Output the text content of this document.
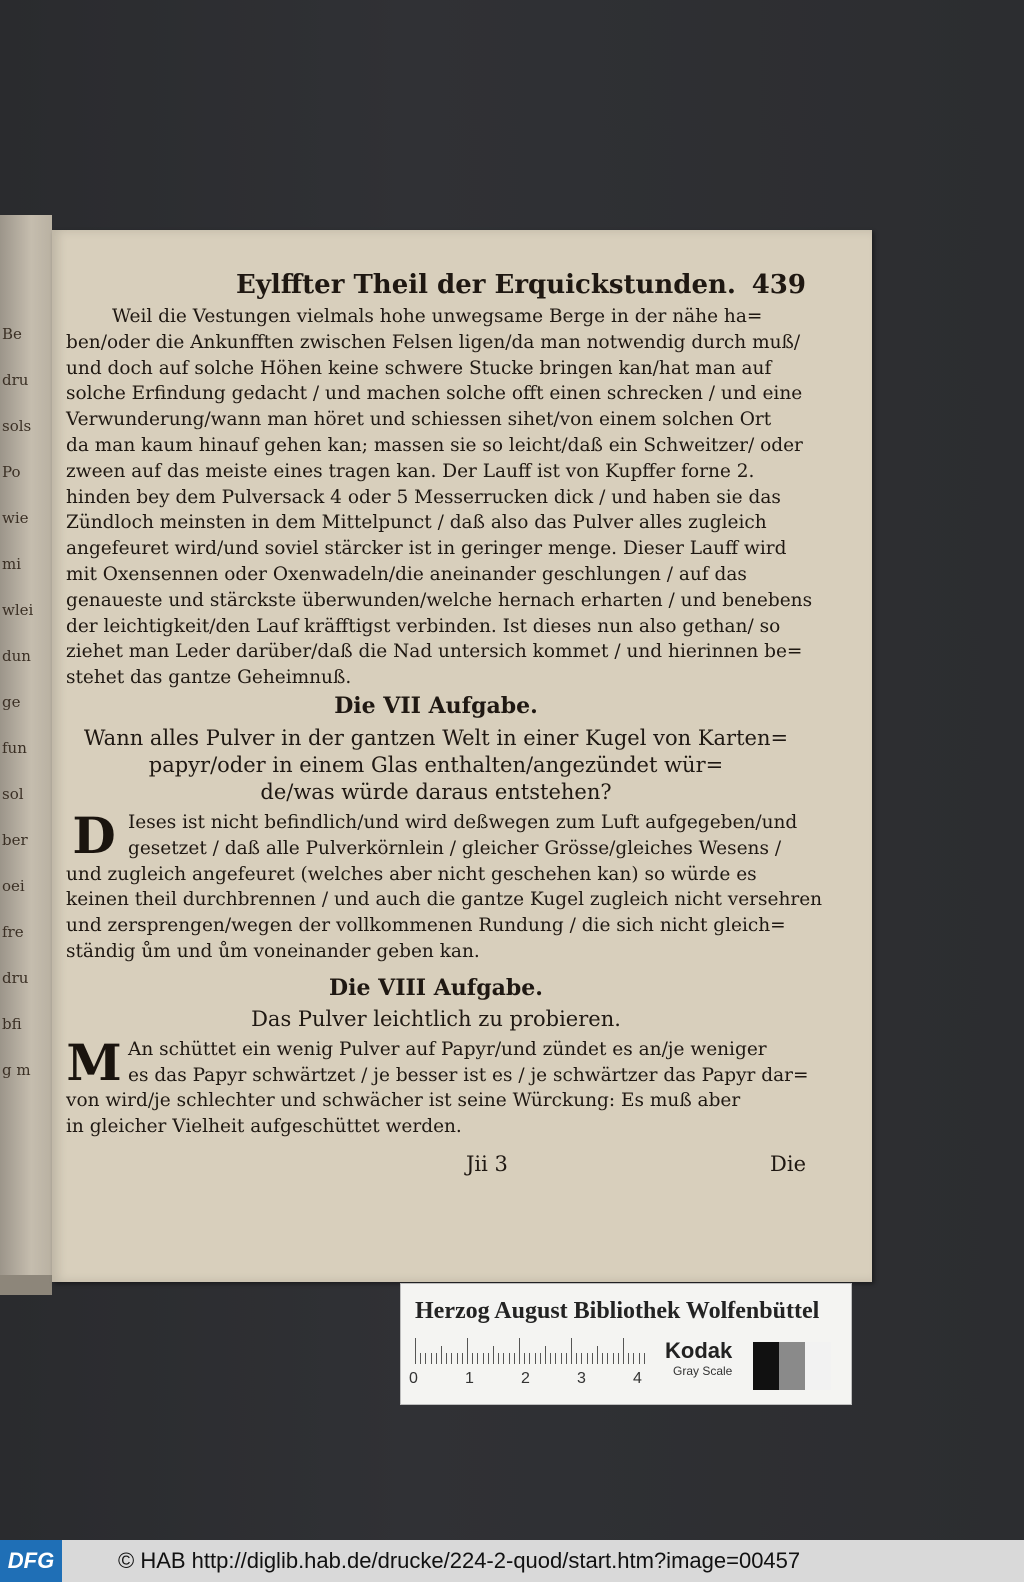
Be
dru
sols
Po
wie
mi
wlei
dun
ge
fun
sol
ber
oei
fre
dru
bfi
g m
Eylffter Theil der Erquickstunden. 439
Weil die Vestungen vielmals hohe unwegsame Berge in der nähe ha=
ben/oder die Ankunfften zwischen Felsen ligen/da man notwendig durch muß/
und doch auf solche Höhen keine schwere Stucke bringen kan/hat man auf
solche Erfindung gedacht / und machen solche offt einen schrecken / und eine
Verwunderung/wann man höret und schiessen sihet/von einem solchen Ort
da man kaum hinauf gehen kan; massen sie so leicht/daß ein Schweitzer/ oder
zween auf das meiste eines tragen kan. Der Lauff ist von Kupffer forne 2.
hinden bey dem Pulversack 4 oder 5 Messerrucken dick / und haben sie das
Zündloch meinsten in dem Mittelpunct / daß also das Pulver alles zugleich
angefeuret wird/und soviel stärcker ist in geringer menge. Dieser Lauff wird
mit Oxensennen oder Oxenwadeln/die aneinander geschlungen / auf das
genaueste und stärckste überwunden/welche hernach erharten / und benebens
der leichtigkeit/den Lauf kräfftigst verbinden. Ist dieses nun also gethan/ so
ziehet man Leder darüber/daß die Nad untersich kommet / und hierinnen be=
stehet das gantze Geheimnuß.
Die VII Aufgabe.
Wann alles Pulver in der gantzen Welt in einer Kugel von Karten=
papyr/oder in einem Glas enthalten/angezündet wür=
de/was würde daraus entstehen?
D Ieses ist nicht befindlich/und wird deßwegen zum Luft aufgegeben/und
gesetzet / daß alle Pulverkörnlein / gleicher Grösse/gleiches Wesens /
und zugleich angefeuret (welches aber nicht geschehen kan) so würde es
keinen theil durchbrennen / und auch die gantze Kugel zugleich nicht versehren
und zersprengen/wegen der vollkommenen Rundung / die sich nicht gleich=
ständig ům und ům voneinander geben kan.
Die VIII Aufgabe.
Das Pulver leichtlich zu probieren.
M An schüttet ein wenig Pulver auf Papyr/und zündet es an/je weniger
es das Papyr schwärtzet / je besser ist es / je schwärtzer das Papyr dar=
von wird/je schlechter und schwächer ist seine Würckung: Es muß aber
in gleicher Vielheit aufgeschüttet werden.
Jii 3	Die
Herzog August Bibliothek Wolfenbüttel
0	1	2	3	4
Kodak
Gray Scale
DFG	© HAB http://diglib.hab.de/drucke/224-2-quod/start.htm?image=00457
